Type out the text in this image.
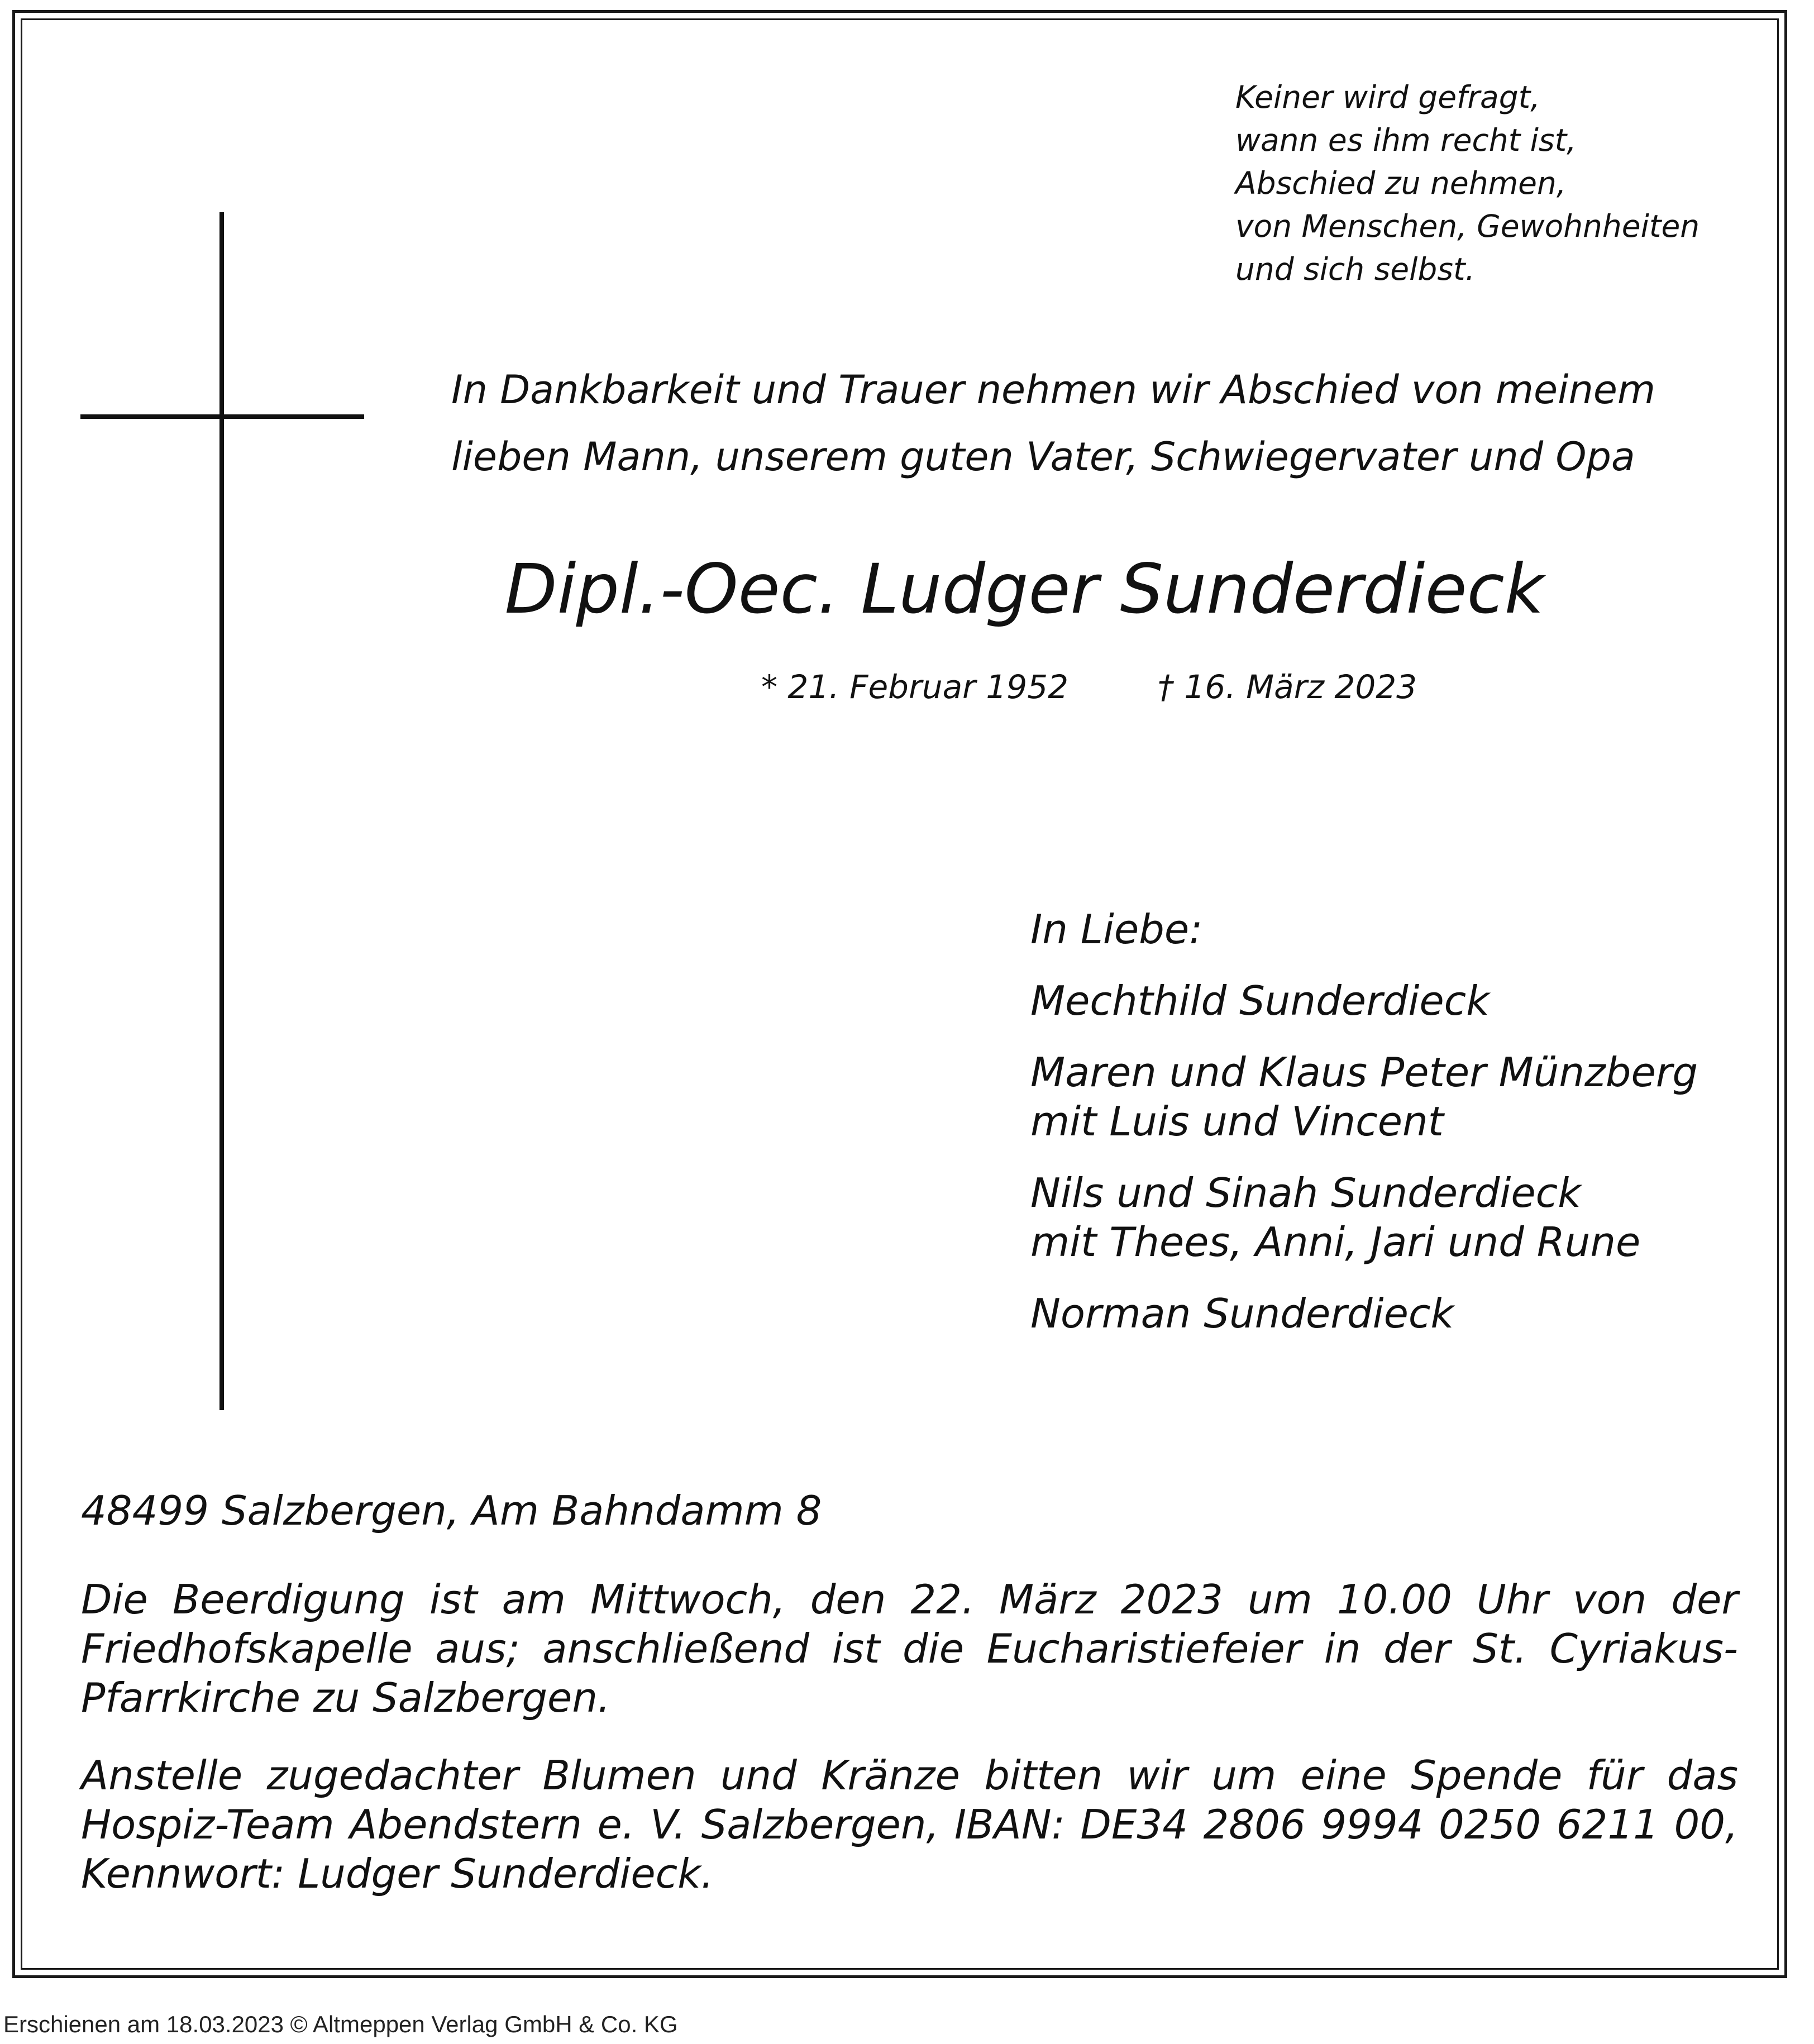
Keiner wird gefragt,
wann es ihm recht ist,
Abschied zu nehmen,
von Menschen, Gewohnheiten
und sich selbst.
In Dankbarkeit und Trauer nehmen wir Abschied von meinem
lieben Mann, unserem guten Vater, Schwiegervater und Opa
Dipl.-Oec. Ludger Sunderdieck
* 21. Februar 1952	† 16. März 2023
In Liebe:
Mechthild Sunderdieck
Maren und Klaus Peter Münzberg
mit Luis und Vincent
Nils und Sinah Sunderdieck
mit Thees, Anni, Jari und Rune
Norman Sunderdieck
48499 Salzbergen, Am Bahndamm 8
Die Beerdigung ist am Mittwoch, den 22. März 2023 um 10.00 Uhr von der Friedhofskapelle aus; anschließend ist die Eucharistiefeier in der St. Cyriakus-Pfarrkirche zu Salzbergen.
Anstelle zugedachter Blumen und Kränze bitten wir um eine Spende für das Hospiz-Team Abendstern e. V. Salzbergen, IBAN: DE34 2806 9994 0250 6211 00, Kennwort: Ludger Sunderdieck.
Erschienen am 18.03.2023 © Altmeppen Verlag GmbH & Co. KG
